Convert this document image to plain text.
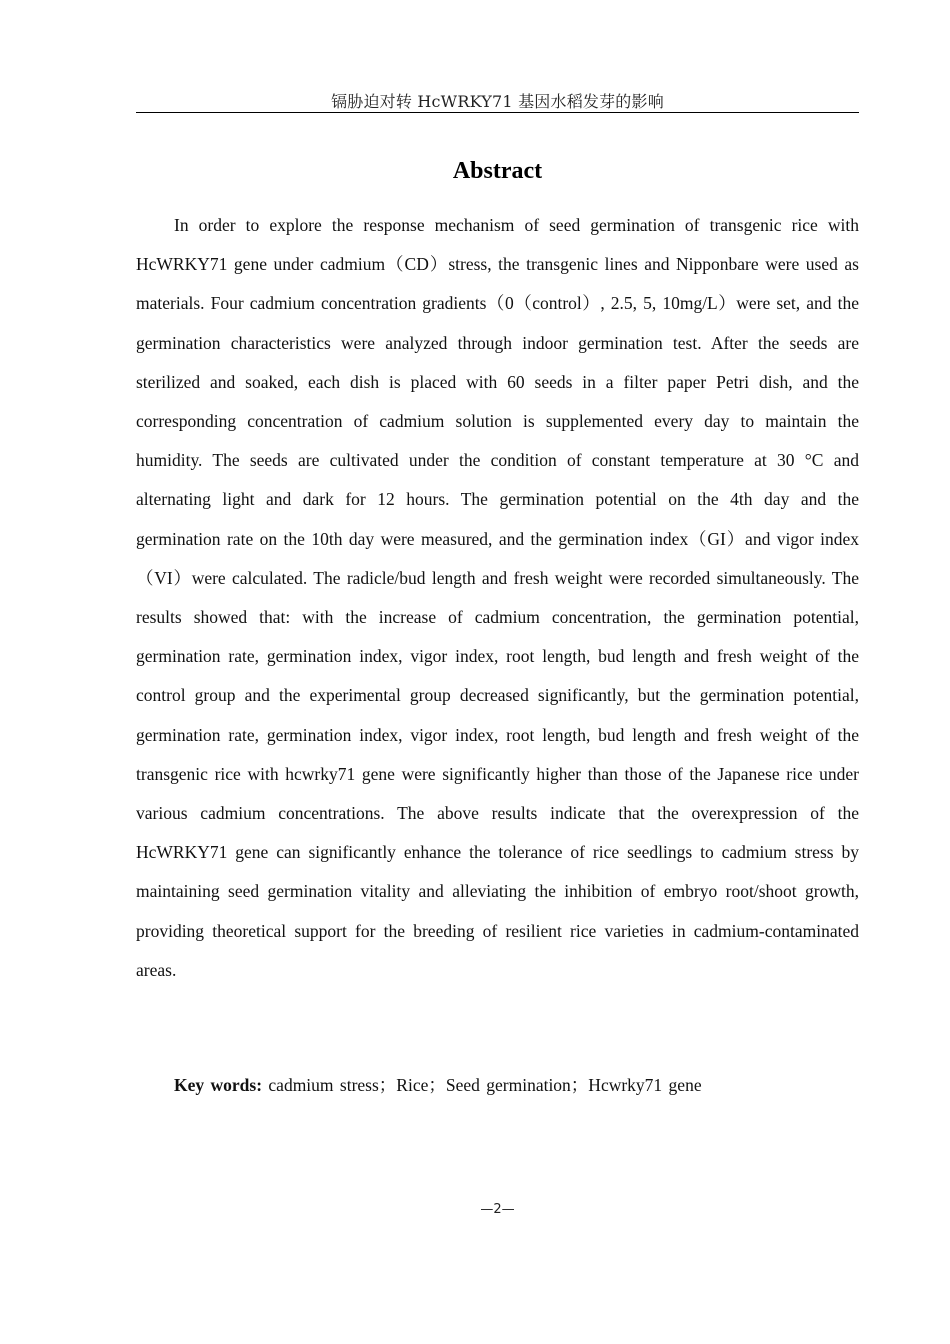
镉胁迫对转 HcWRKY71 基因水稻发芽的影响
Abstract

In order to explore the response mechanism of seed germination of transgenic rice with HcWRKY71 gene under cadmium（CD）stress, the transgenic lines and Nipponbare were used as materials. Four cadmium concentration gradients（0（control）, 2.5, 5, 10mg/L）were set, and the germination characteristics were analyzed through indoor germination test. After the seeds are sterilized and soaked, each dish is placed with 60 seeds in a filter paper Petri dish, and the corresponding concentration of cadmium solution is supplemented every day to maintain the humidity. The seeds are cultivated under the condition of constant temperature at 30 °C and alternating light and dark for 12 hours. The germination potential on the 4th day and the germination rate on the 10th day were measured, and the germination index（GI）and vigor index（VI）were calculated. The radicle/bud length and fresh weight were recorded simultaneously. The results showed that: with the increase of cadmium concentration, the germination potential, germination rate, germination index, vigor index, root length, bud length and fresh weight of the control group and the experimental group decreased significantly, but the germination potential, germination rate, germination index, vigor index, root length, bud length and fresh weight of the transgenic rice with hcwrky71 gene were significantly higher than those of the Japanese rice under various cadmium concentrations. The above results indicate that the overexpression of the HcWRKY71 gene can significantly enhance the tolerance of rice seedlings to cadmium stress by maintaining seed germination vitality and alleviating the inhibition of embryo root/shoot growth, providing theoretical support for the breeding of resilient rice varieties in cadmium-contaminated areas.

Key words: cadmium stress；Rice；Seed germination；Hcwrky71 gene

—2—
